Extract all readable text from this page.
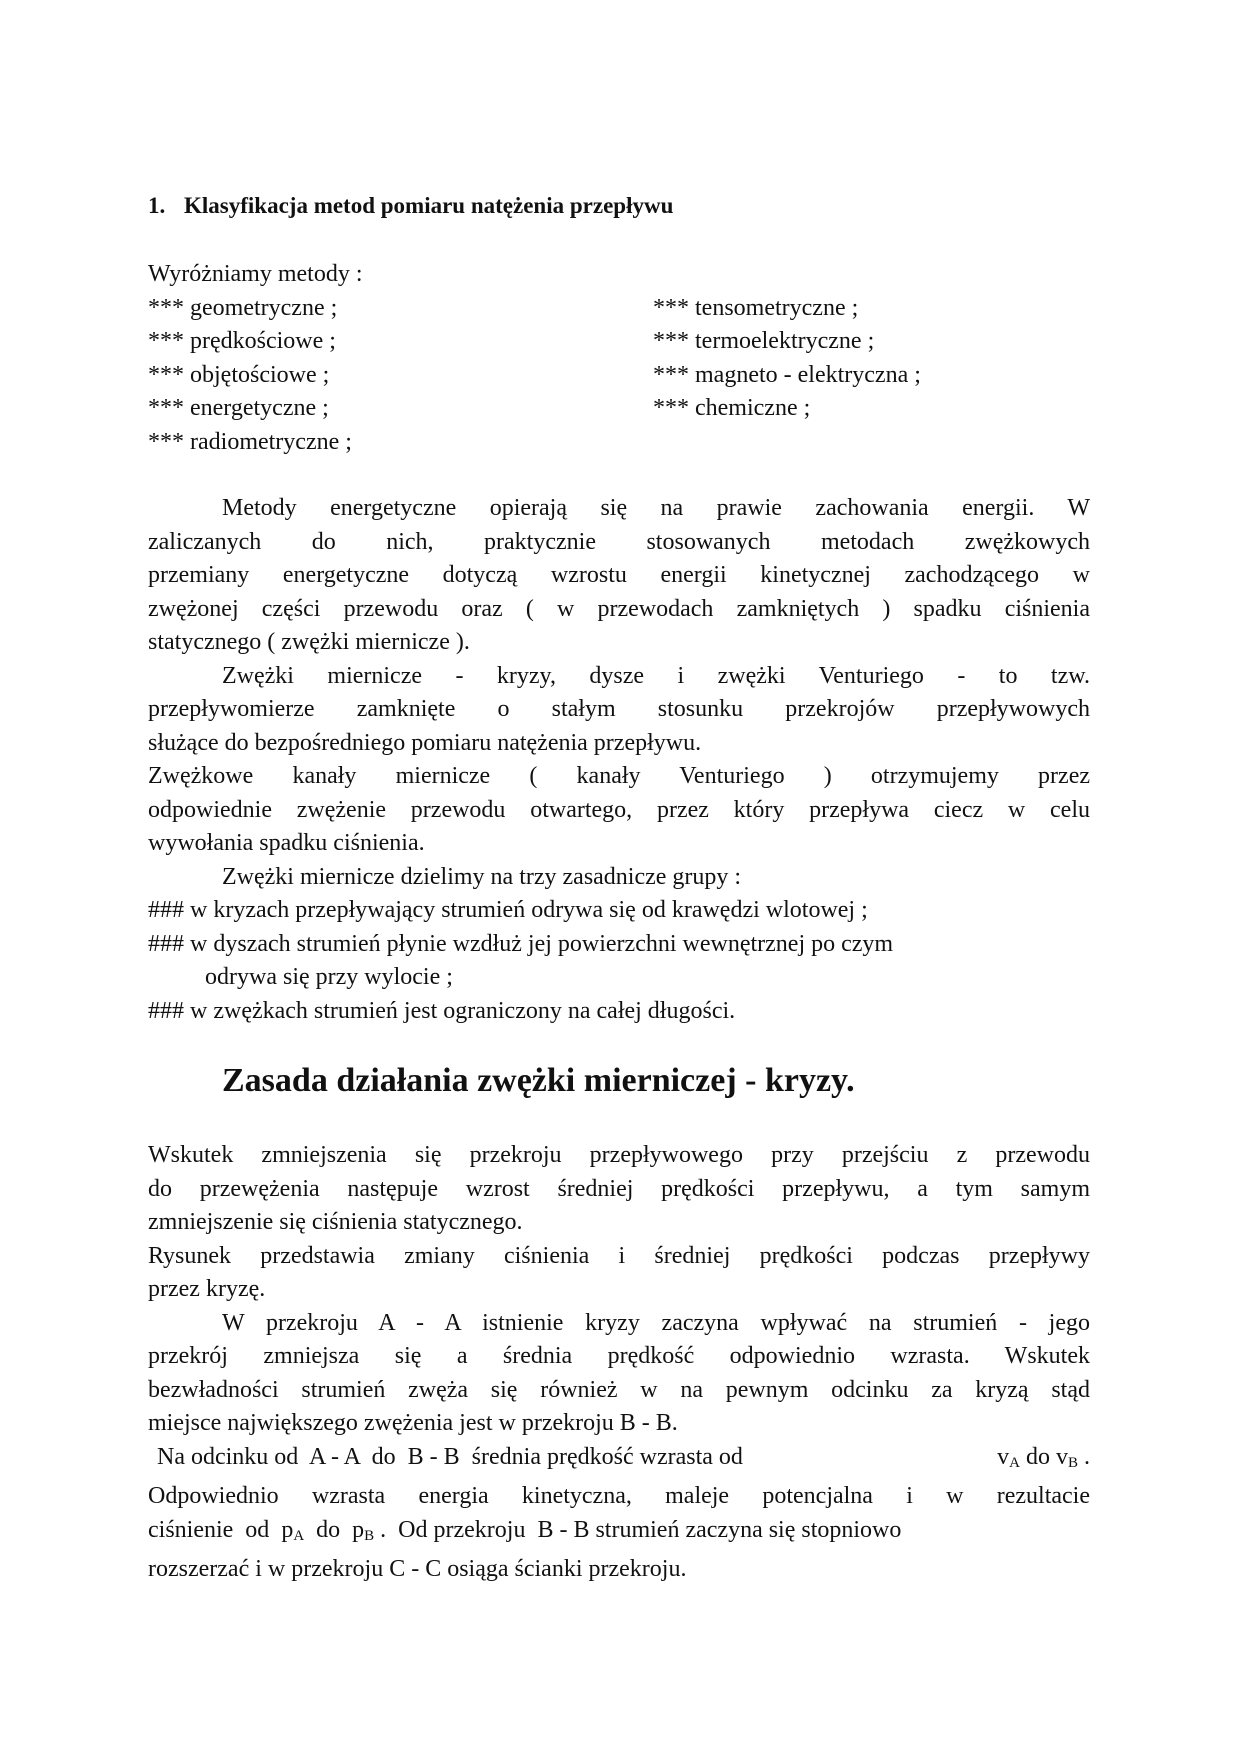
1. Klasyfikacja metod pomiaru natężenia przepływu
Wyróżniamy metody :
*** geometryczne ;
*** prędkościowe ;
*** objętościowe ;
*** energetyczne ;
*** radiometryczne ;
*** tensometryczne ;
*** termoelektryczne ;
*** magneto - elektryczna ;
*** chemiczne ;
Metody energetyczne opierają się na prawie zachowania energii. W
zaliczanych do nich, praktycznie stosowanych metodach zwężkowych
przemiany energetyczne dotyczą wzrostu energii kinetycznej zachodzącego w
zwężonej części przewodu oraz ( w przewodach zamkniętych ) spadku ciśnienia
statycznego ( zwężki miernicze ).
Zwężki miernicze - kryzy, dysze i zwężki Venturiego - to tzw.
przepływomierze zamknięte o stałym stosunku przekrojów przepływowych
służące do bezpośredniego pomiaru natężenia przepływu.
Zwężkowe kanały miernicze ( kanały Venturiego ) otrzymujemy przez
odpowiednie zwężenie przewodu otwartego, przez który przepływa ciecz w celu
wywołania spadku ciśnienia.
Zwężki miernicze dzielimy na trzy zasadnicze grupy :
### w kryzach przepływający strumień odrywa się od krawędzi wlotowej ;
### w dyszach strumień płynie wzdłuż jej powierzchni wewnętrznej po czym
odrywa się przy wylocie ;
### w zwężkach strumień jest ograniczony na całej długości.
Zasada działania zwężki mierniczej - kryzy.
Wskutek zmniejszenia się przekroju przepływowego przy przejściu z przewodu
do przewężenia następuje wzrost średniej prędkości przepływu, a tym samym
zmniejszenie się ciśnienia statycznego.
Rysunek przedstawia zmiany ciśnienia i średniej prędkości podczas przepływy
przez kryzę.
W przekroju A - A istnienie kryzy zaczyna wpływać na strumień - jego
przekrój zmniejsza się a średnia prędkość odpowiednio wzrasta. Wskutek
bezwładności strumień zwęża się również w na pewnym odcinku za kryzą stąd
miejsce największego zwężenia jest w przekroju B - B.
Na odcinku od  A - A  do  B - B  średnia prędkość wzrasta od	$v_A$ do $v_B$ .
Odpowiednio wzrasta energia kinetyczna, maleje potencjalna i w rezultacie
ciśnienie  od  $p_A$  do  $p_B$ .  Od przekroju  B - B strumień zaczyna się stopniowo
rozszerzać i w przekroju C - C osiąga ścianki przekroju.
